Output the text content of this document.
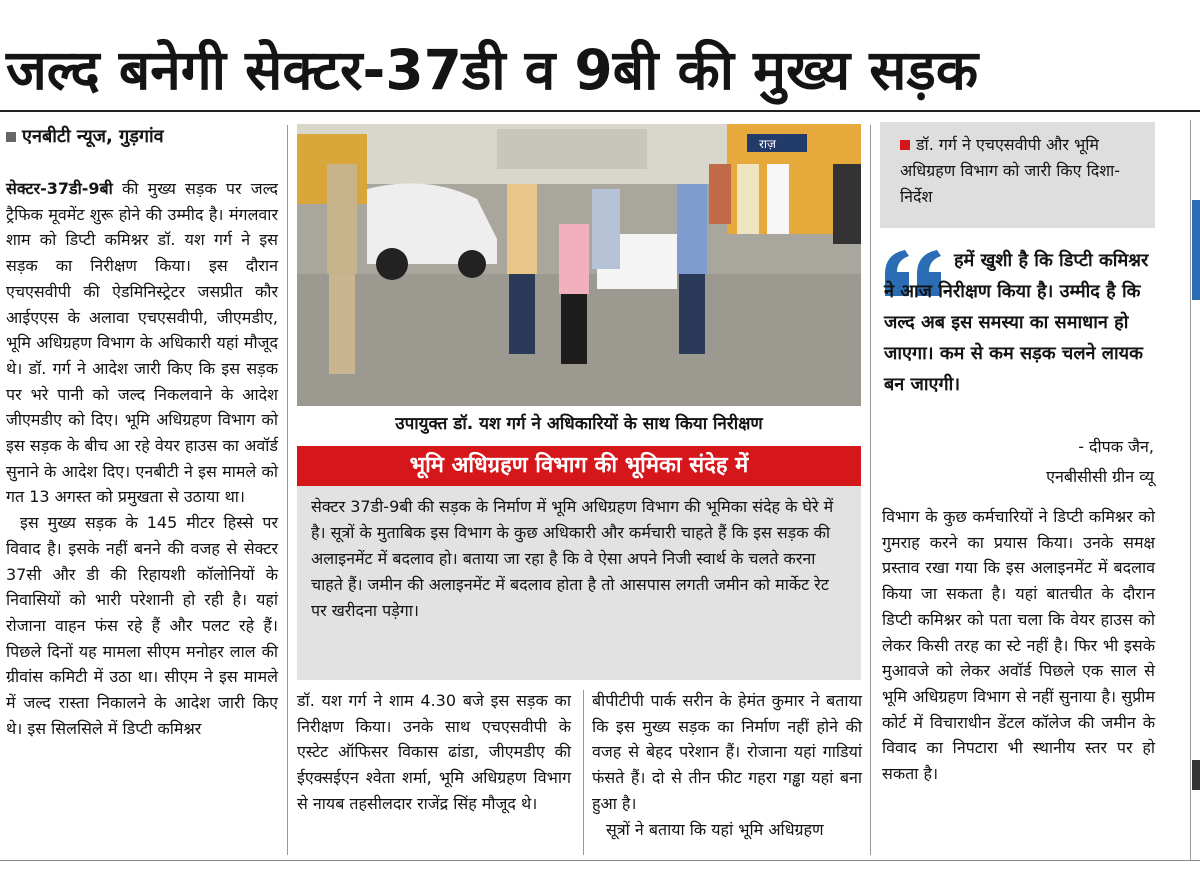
जल्द बनेगी सेक्टर-37डी व 9बी की मुख्य सड़क
एनबीटी न्यूज, गुड़गांव

सेक्टर-37डी-9बी की मुख्य सड़क पर जल्द ट्रैफिक मूवमेंट शुरू होने की उम्मीद है। मंगलवार शाम को डिप्टी कमिश्नर डॉ. यश गर्ग ने इस सड़क का निरीक्षण किया। इस दौरान एचएसवीपी की ऐडमिनिस्ट्रेटर जसप्रीत कौर आईएएस के अलावा एचएसवीपी, जीएमडीए, भूमि अधिग्रहण विभाग के अधिकारी यहां मौजूद थे। डॉ. गर्ग ने आदेश जारी किए कि इस सड़क पर भरे पानी को जल्द निकलवाने के आदेश जीएमडीए को दिए। भूमि अधिग्रहण विभाग को इस सड़क के बीच आ रहे वेयर हाउस का अवॉर्ड सुनाने के आदेश दिए। एनबीटी ने इस मामले को गत 13 अगस्त को प्रमुखता से उठाया था।

इस मुख्य सड़क के 145 मीटर हिस्से पर विवाद है। इसके नहीं बनने की वजह से सेक्टर 37सी और डी की रिहायशी कॉलोनियों के निवासियों को भारी परेशानी हो रही है। यहां रोजाना वाहन फंस रहे हैं और पलट रहे हैं। पिछले दिनों यह मामला सीएम मनोहर लाल की ग्रीवांस कमिटी में उठा था। सीएम ने इस मामले में जल्द रास्ता निकालने के आदेश जारी किए थे। इस सिलसिले में डिप्टी कमिश्नर

राज़
उपायुक्त डॉ. यश गर्ग ने अधिकारियों के साथ किया निरीक्षण
भूमि अधिग्रहण विभाग की भूमिका संदेह में
सेक्टर 37डी-9बी की सड़क के निर्माण में भूमि अधिग्रहण विभाग की भूमिका संदेह के घेरे में है। सूत्रों के मुताबिक इस विभाग के कुछ अधिकारी और कर्मचारी चाहते हैं कि इस सड़क की अलाइनमेंट में बदलाव हो। बताया जा रहा है कि वे ऐसा अपने निजी स्वार्थ के चलते करना चाहते हैं। जमीन की अलाइनमेंट में बदलाव होता है तो आसपास लगती जमीन को मार्केट रेट पर खरीदना पड़ेगा।

डॉ. यश गर्ग ने शाम 4.30 बजे इस सड़क का निरीक्षण किया। उनके साथ एचएसवीपी के एस्टेट ऑफिसर विकास ढांडा, जीएमडीए की ईएक्सईएन श्वेता शर्मा, भूमि अधिग्रहण विभाग से नायब तहसीलदार राजेंद्र सिंह मौजूद थे।

बीपीटीपी पार्क सरीन के हेमंत कुमार ने बताया कि इस मुख्य सड़क का निर्माण नहीं होने की वजह से बेहद परेशान हैं। रोजाना यहां गाडियां फंसते हैं। दो से तीन फीट गहरा गड्ढा यहां बना हुआ है।

सूत्रों ने बताया कि यहां भूमि अधिग्रहण

डॉ. गर्ग ने एचएसवीपी और भूमि अधिग्रहण विभाग को जारी किए दिशा-निर्देश
हमें खुशी है कि डिप्टी कमिश्नर ने आज निरीक्षण किया है। उम्मीद है कि जल्द अब इस समस्या का समाधान हो जाएगा। कम से कम सड़क चलने लायक बन जाएगी।
- दीपक जैन,
एनबीसीसी ग्रीन व्यू

विभाग के कुछ कर्मचारियों ने डिप्टी कमिश्नर को गुमराह करने का प्रयास किया। उनके समक्ष प्रस्ताव रखा गया कि इस अलाइनमेंट में बदलाव किया जा सकता है। यहां बातचीत के दौरान डिप्टी कमिश्नर को पता चला कि वेयर हाउस को लेकर किसी तरह का स्टे नहीं है। फिर भी इसके मुआवजे को लेकर अवॉर्ड पिछले एक साल से भूमि अधिग्रहण विभाग से नहीं सुनाया है। सुप्रीम कोर्ट में विचाराधीन डेंटल कॉलेज की जमीन के विवाद का निपटारा भी स्थानीय स्तर पर हो सकता है।
